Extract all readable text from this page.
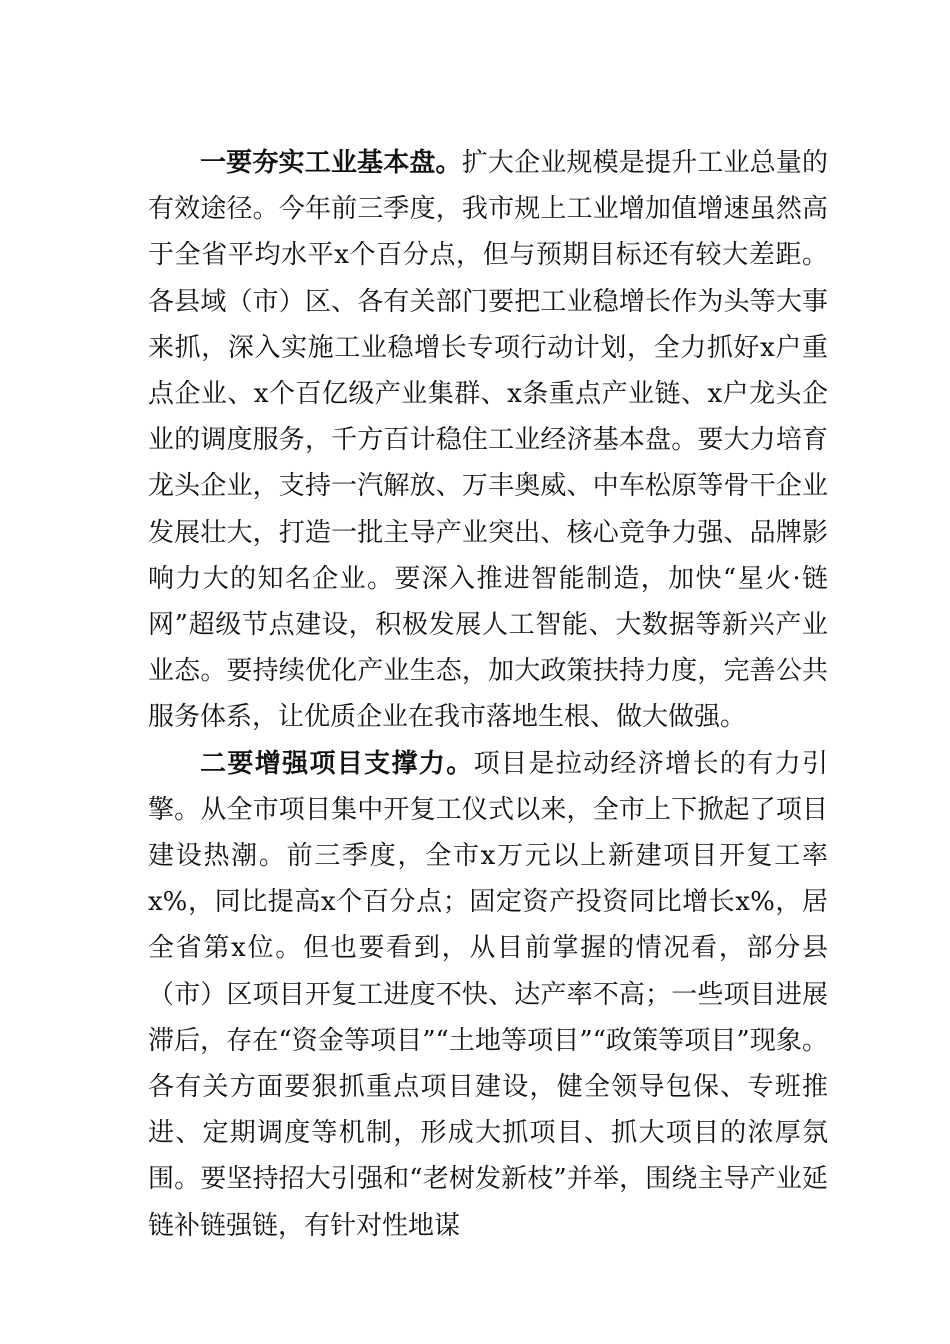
一要夯实工业基本盘。扩大企业规模是提升工业总量的有效途径。今年前三季度，我市规上工业增加值增速虽然高于全省平均水平x个百分点，但与预期目标还有较大差距。各县域（市）区、各有关部门要把工业稳增长作为头等大事来抓，深入实施工业稳增长专项行动计划，全力抓好x户重点企业、x个百亿级产业集群、x条重点产业链、x户龙头企业的调度服务，千方百计稳住工业经济基本盘。要大力培育龙头企业，支持一汽解放、万丰奥威、中车松原等骨干企业发展壮大，打造一批主导产业突出、核心竞争力强、品牌影响力大的知名企业。要深入推进智能制造，加快“星火·链网”超级节点建设，积极发展人工智能、大数据等新兴产业业态。要持续优化产业生态，加大政策扶持力度，完善公共服务体系，让优质企业在我市落地生根、做大做强。

二要增强项目支撑力。项目是拉动经济增长的有力引擎。从全市项目集中开复工仪式以来，全市上下掀起了项目建设热潮。前三季度，全市x万元以上新建项目开复工率x%，同比提高x个百分点；固定资产投资同比增长x%，居全省第x位。但也要看到，从目前掌握的情况看，部分县（市）区项目开复工进度不快、达产率不高；一些项目进展滞后，存在“资金等项目”“土地等项目”“政策等项目”现象。各有关方面要狠抓重点项目建设，健全领导包保、专班推进、定期调度等机制，形成大抓项目、抓大项目的浓厚氛围。要坚持招大引强和“老树发新枝”并举，围绕主导产业延链补链强链，有针对性地谋
